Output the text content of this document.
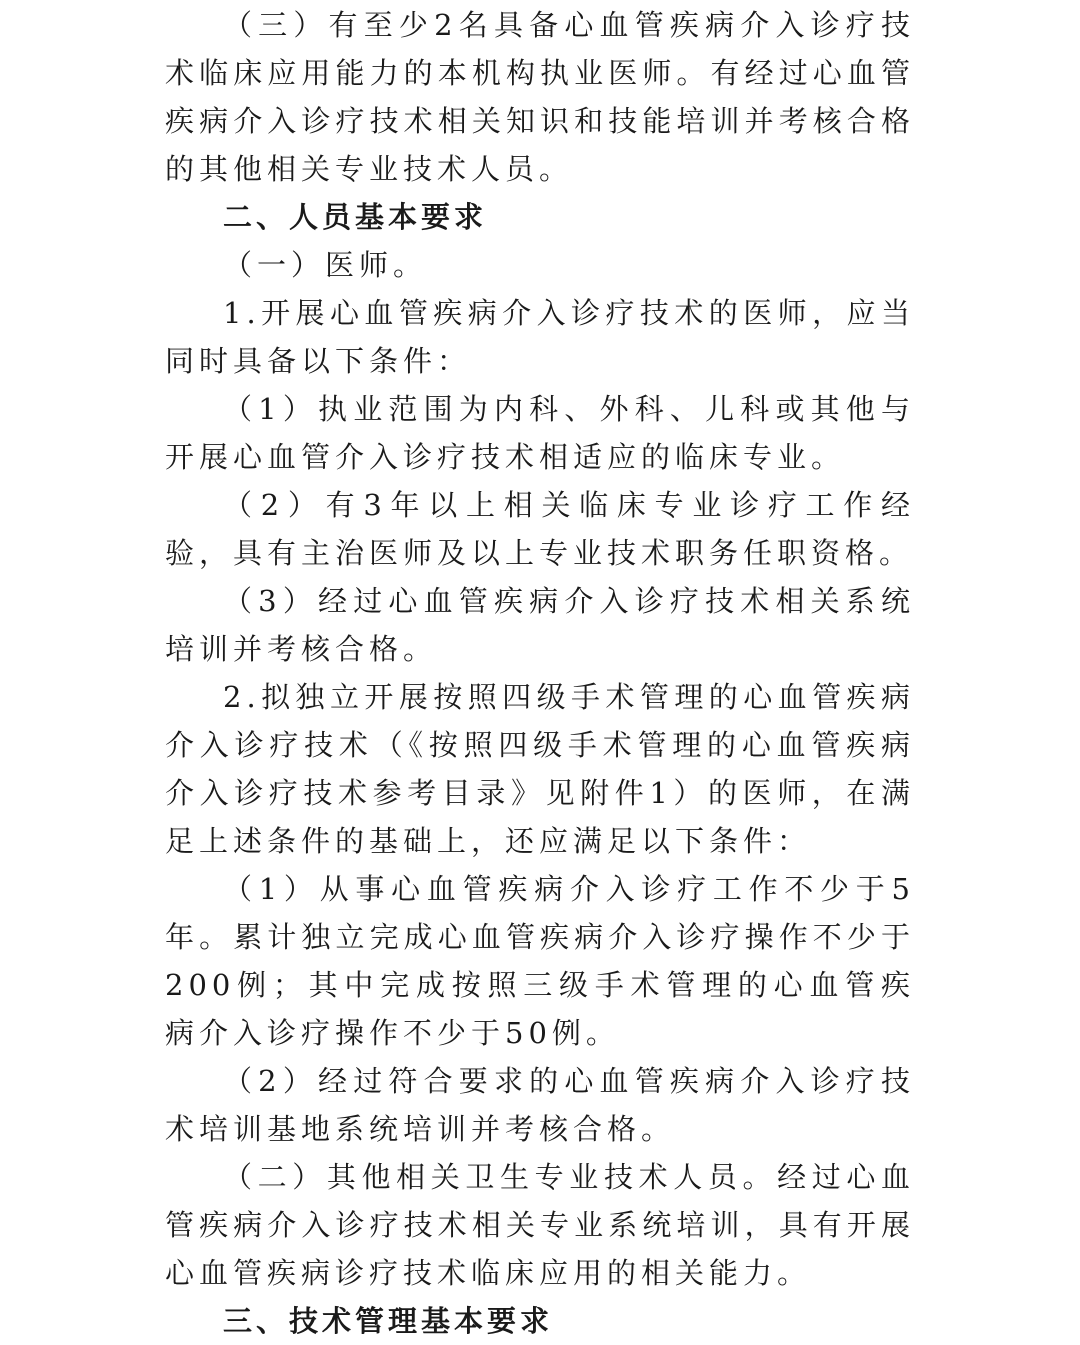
（三）有至少2名具备心血管疾病介入诊疗技术临床应用能力的本机构执业医师。有经过心血管疾病介入诊疗技术相关知识和技能培训并考核合格的其他相关专业技术人员。

二、人员基本要求

（一）医师。

1.开展心血管疾病介入诊疗技术的医师，应当同时具备以下条件：

（1）执业范围为内科、外科、儿科或其他与开展心血管介入诊疗技术相适应的临床专业。

（2）有3年以上相关临床专业诊疗工作经验，具有主治医师及以上专业技术职务任职资格。

（3）经过心血管疾病介入诊疗技术相关系统培训并考核合格。

2.拟独立开展按照四级手术管理的心血管疾病介入诊疗技术（《按照四级手术管理的心血管疾病介入诊疗技术参考目录》见附件1）的医师，在满足上述条件的基础上，还应满足以下条件：

（1）从事心血管疾病介入诊疗工作不少于5年。累计独立完成心血管疾病介入诊疗操作不少于200例；其中完成按照三级手术管理的心血管疾病介入诊疗操作不少于50例。

（2）经过符合要求的心血管疾病介入诊疗技术培训基地系统培训并考核合格。

（二）其他相关卫生专业技术人员。经过心血管疾病介入诊疗技术相关专业系统培训，具有开展心血管疾病诊疗技术临床应用的相关能力。

三、技术管理基本要求
